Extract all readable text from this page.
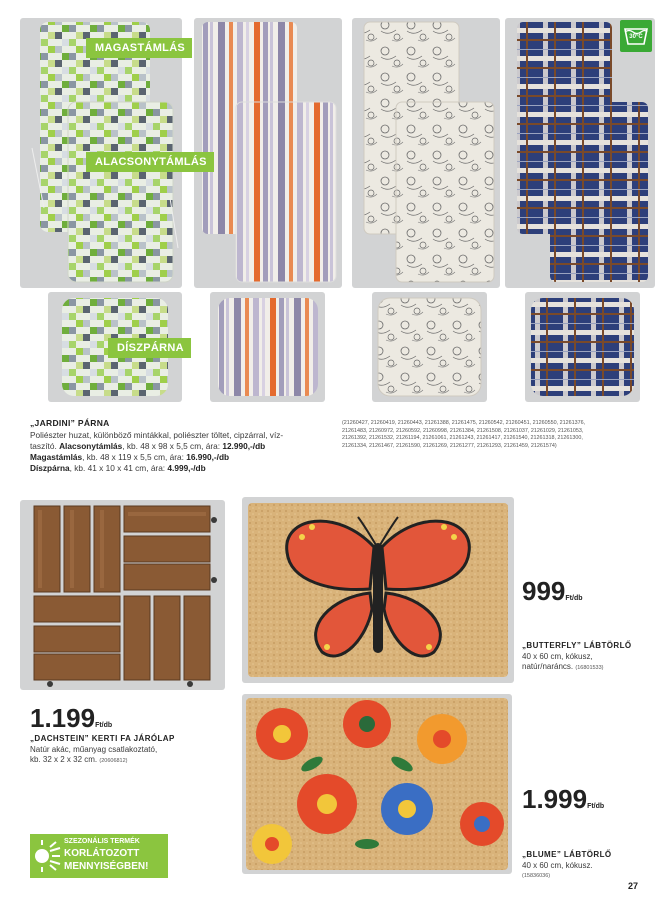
30°C
MAGASTÁMLÁS
ALACSONYTÁMLÁS
DÍSZPÁRNA
„JARDINI” PÁRNA
Poliészter huzat, különböző mintákkal, poliészter töltet, cipzárral, víz-
taszító. Alacsonytámlás, kb. 48 x 98 x 5,5 cm, ára: 12.990,-/db
Magastámlás, kb. 48 x 119 x 5,5 cm, ára: 16.990,-/db
Díszpárna, kb. 41 x 10 x 41 cm, ára: 4.999,-/db
(21260427, 21260419, 21260443, 21261388, 21261475, 21260542, 21260451, 21260550, 21261376,
21261483, 21260972, 21260592, 21260998, 21261384, 21261508, 21261037, 21261029, 21261053,
21261392, 21261532, 21261194, 21261061, 21261243, 21261417, 21261540, 21261318, 21261300,
21261334, 21261467, 21261590, 21261269, 21261277, 21261293, 21261459, 21261574)
1.199Ft/db
„DACHSTEIN” KERTI FA JÁRÓLAP
Natúr akác, műanyag csatlakoztató,
kb. 32 x 2 x 32 cm. (20606812)
999Ft/db
„BUTTERFLY” LÁBTÖRLŐ
40 x 60 cm, kókusz,
natúr/naráncs. (16801533)
1.999Ft/db
„BLUME” LÁBTÖRLŐ
40 x 60 cm, kókusz.
(15836036)
SZEZONÁLIS TERMÉK
KORLÁTOZOTT
MENNYISÉGBEN!
27
